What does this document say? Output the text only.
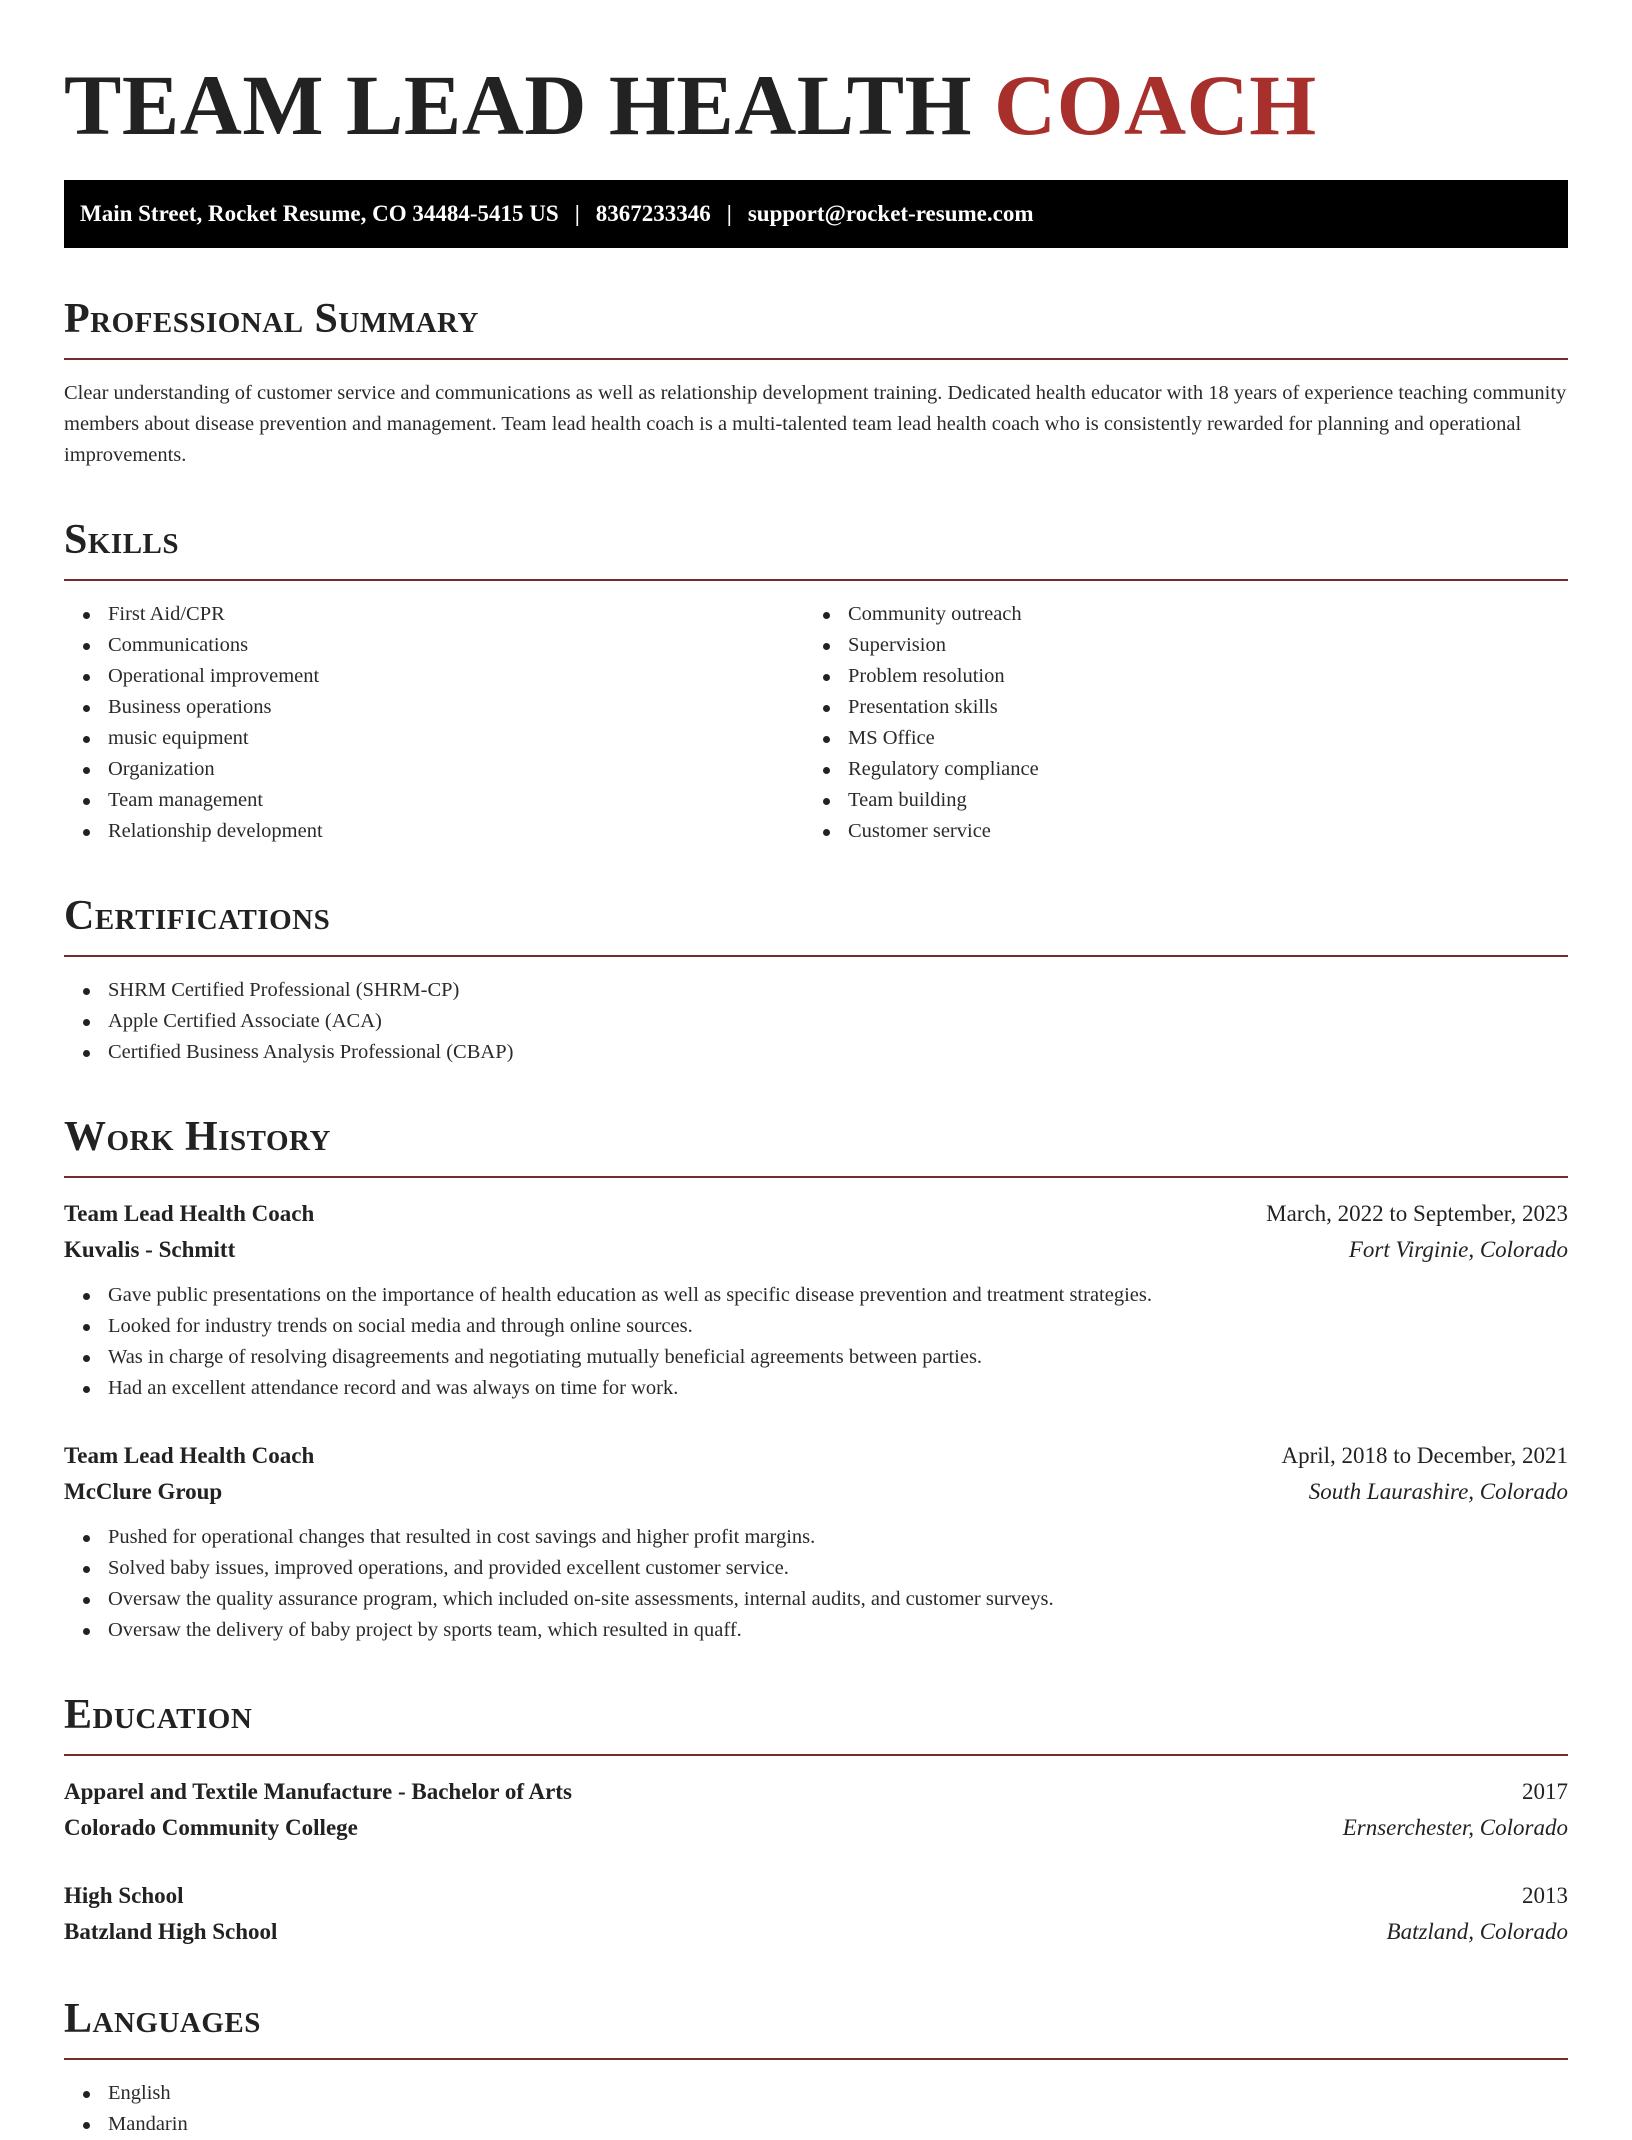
TEAM LEAD HEALTH COACH
Main Street, Rocket Resume, CO 34484-5415 US | 8367233346 | support@rocket-resume.com
Professional Summary

Clear understanding of customer service and communications as well as relationship development training. Dedicated health educator with 18 years of experience teaching community members about disease prevention and management. Team lead health coach is a multi-talented team lead health coach who is consistently rewarded for planning and operational improvements.

Skills
First Aid/CPR
Communications
Operational improvement
Business operations
music equipment
Organization
Team management
Relationship development
Community outreach
Supervision
Problem resolution
Presentation skills
MS Office
Regulatory compliance
Team building
Customer service
Certifications
SHRM Certified Professional (SHRM-CP)
Apple Certified Associate (ACA)
Certified Business Analysis Professional (CBAP)
Work History
Team Lead Health Coach	March, 2022 to September, 2023
Kuvalis - Schmitt	Fort Virginie, Colorado
Gave public presentations on the importance of health education as well as specific disease prevention and treatment strategies.
Looked for industry trends on social media and through online sources.
Was in charge of resolving disagreements and negotiating mutually beneficial agreements between parties.
Had an excellent attendance record and was always on time for work.
Team Lead Health Coach	April, 2018 to December, 2021
McClure Group	South Laurashire, Colorado
Pushed for operational changes that resulted in cost savings and higher profit margins.
Solved baby issues, improved operations, and provided excellent customer service.
Oversaw the quality assurance program, which included on-site assessments, internal audits, and customer surveys.
Oversaw the delivery of baby project by sports team, which resulted in quaff.
Education
Apparel and Textile Manufacture - Bachelor of Arts	2017
Colorado Community College	Ernserchester, Colorado
High School	2013
Batzland High School	Batzland, Colorado
Languages
English
Mandarin
